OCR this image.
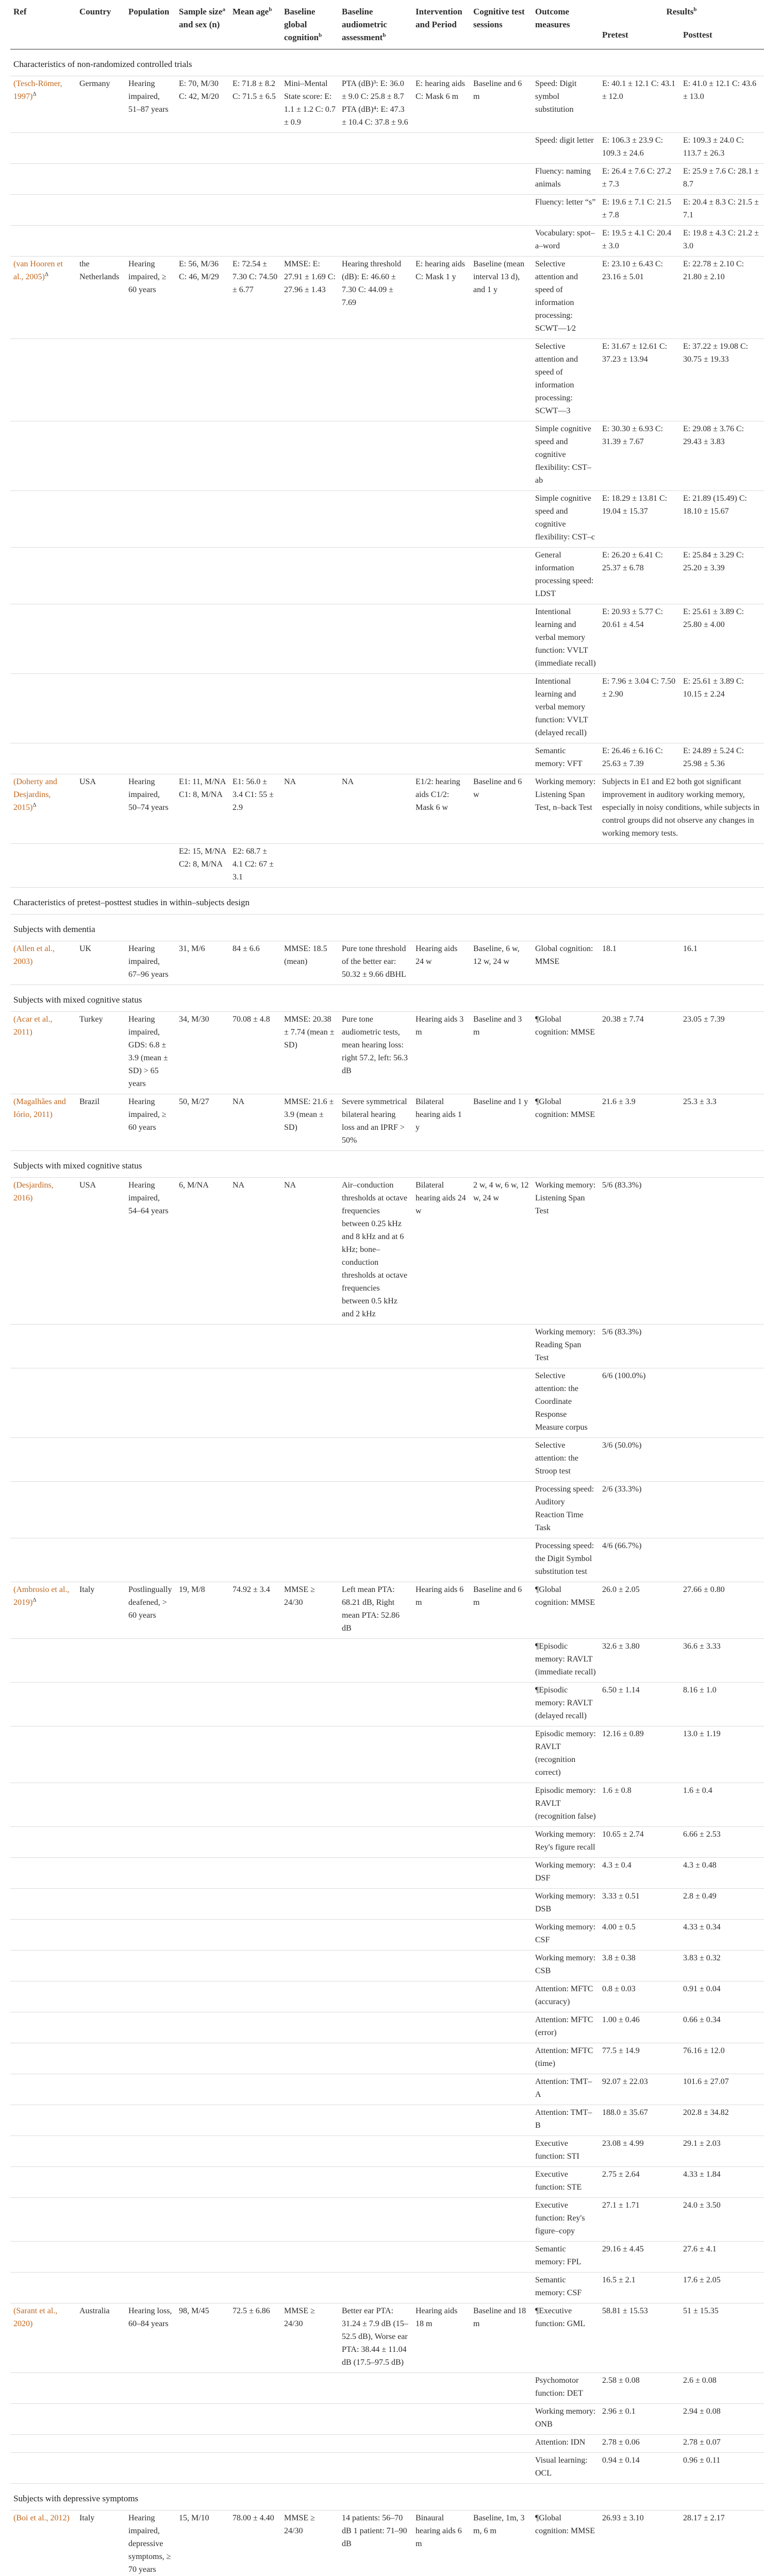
Ref	Country	Population	Sample size$^a$ and sex (n)	Mean age$^b$	Baseline global cognition$^b$	Baseline audiometric assessment$^b$	Intervention and Period	Cognitive test sessions	Outcome measures	Results$^b$
										Pretest	Posttest
Characteristics of non-randomized controlled trials											
(Tesch-Römer, 1997)$^\Delta$	Germany	Hearing impaired, 51–87 years	E: 70, M/30 C: 42, M/20	E: 71.8 ± 8.2 C: 71.5 ± 6.5	Mini–Mental State score: E: 1.1 ± 1.2 C: 0.7 ± 0.9	PTA (dB)³: E: 36.0 ± 9.0 C: 25.8 ± 8.7 PTA (dB)⁴: E: 47.3 ± 10.4 C: 37.8 ± 9.6	E: hearing aids C: Mask 6 m	Baseline and 6 m	Speed: Digit symbol substitution	E: 40.1 ± 12.1 C: 43.1 ± 12.0	E: 41.0 ± 12.1 C: 43.6 ± 13.0
									Speed: digit letter	E: 106.3 ± 23.9 C: 109.3 ± 24.6	E: 109.3 ± 24.0 C: 113.7 ± 26.3
									Fluency: naming animals	E: 26.4 ± 7.6 C: 27.2 ± 7.3	E: 25.9 ± 7.6 C: 28.1 ± 8.7
									Fluency: letter “s”	E: 19.6 ± 7.1 C: 21.5 ± 7.8	E: 20.4 ± 8.3 C: 21.5 ± 7.1
									Vocabulary: spot–a–word	E: 19.5 ± 4.1 C: 20.4 ± 3.0	E: 19.8 ± 4.3 C: 21.2 ± 3.0
(van Hooren et al., 2005)$^\Delta$	the Netherlands	Hearing impaired, ≥ 60 years	E: 56, M/36 C: 46, M/29	E: 72.54 ± 7.30 C: 74.50 ± 6.77	MMSE: E: 27.91 ± 1.69 C: 27.96 ± 1.43	Hearing threshold (dB): E: 46.60 ± 7.30 C: 44.09 ± 7.69	E: hearing aids C: Mask 1 y	Baseline (mean interval 13 d), and 1 y	Selective attention and speed of information processing: SCWT—1⁄2	E: 23.10 ± 6.43 C: 23.16 ± 5.01	E: 22.78 ± 2.10 C: 21.80 ± 2.10
									Selective attention and speed of information processing: SCWT—3	E: 31.67 ± 12.61 C: 37.23 ± 13.94	E: 37.22 ± 19.08 C: 30.75 ± 19.33
									Simple cognitive speed and cognitive flexibility: CST–ab	E: 30.30 ± 6.93 C: 31.39 ± 7.67	E: 29.08 ± 3.76 C: 29.43 ± 3.83
									Simple cognitive speed and cognitive flexibility: CST–c	E: 18.29 ± 13.81 C: 19.04 ± 15.37	E: 21.89 (15.49) C: 18.10 ± 15.67
									General information processing speed: LDST	E: 26.20 ± 6.41 C: 25.37 ± 6.78	E: 25.84 ± 3.29 C: 25.20 ± 3.39
									Intentional learning and verbal memory function: VVLT (immediate recall)	E: 20.93 ± 5.77 C: 20.61 ± 4.54	E: 25.61 ± 3.89 C: 25.80 ± 4.00
									Intentional learning and verbal memory function: VVLT (delayed recall)	E: 7.96 ± 3.04 C: 7.50 ± 2.90	E: 25.61 ± 3.89 C: 10.15 ± 2.24
									Semantic memory: VFT	E: 26.46 ± 6.16 C: 25.63 ± 7.39	E: 24.89 ± 5.24 C: 25.98 ± 5.36
(Doherty and Desjardins, 2015)$^\Delta$	USA	Hearing impaired, 50–74 years	E1: 11, M/NA C1: 8, M/NA	E1: 56.0 ± 3.4 C1: 55 ± 2.9	NA	NA	E1/2: hearing aids C1/2: Mask 6 w	Baseline and 6 w	Working memory: Listening Span Test, n–back Test	Subjects in E1 and E2 both got significant improvement in auditory working memory, especially in noisy conditions, while subjects in control groups did not observe any changes in working memory tests.	
			E2: 15, M/NA C2: 8, M/NA	E2: 68.7 ± 4.1 C2: 67 ± 3.1							
Characteristics of pretest–posttest studies in within–subjects design											
Subjects with dementia											
(Allen et al., 2003)	UK	Hearing impaired, 67–96 years	31, M/6	84 ± 6.6	MMSE: 18.5 (mean)	Pure tone threshold of the better ear: 50.32 ± 9.66 dBHL	Hearing aids 24 w	Baseline, 6 w, 12 w, 24 w	Global cognition: MMSE	18.1	16.1
Subjects with mixed cognitive status											
(Acar et al., 2011)	Turkey	Hearing impaired, GDS: 6.8 ± 3.9 (mean ± SD) > 65 years	34, M/30	70.08 ± 4.8	MMSE: 20.38 ± 7.74 (mean ± SD)	Pure tone audiometric tests, mean hearing loss: right 57.2, left: 56.3 dB	Hearing aids 3 m	Baseline and 3 m	¶Global cognition: MMSE	20.38 ± 7.74	23.05 ± 7.39
(Magalhães and Iório, 2011)	Brazil	Hearing impaired, ≥ 60 years	50, M/27	NA	MMSE: 21.6 ± 3.9 (mean ± SD)	Severe symmetrical bilateral hearing loss and an IPRF > 50%	Bilateral hearing aids 1 y	Baseline and 1 y	¶Global cognition: MMSE	21.6 ± 3.9	25.3 ± 3.3
Subjects with mixed cognitive status											
(Desjardins, 2016)	USA	Hearing impaired, 54–64 years	6, M/NA	NA	NA	Air–conduction thresholds at octave frequencies between 0.25 kHz and 8 kHz and at 6 kHz; bone–conduction thresholds at octave frequencies between 0.5 kHz and 2 kHz	Bilateral hearing aids 24 w	2 w, 4 w, 6 w, 12 w, 24 w	Working memory: Listening Span Test	5/6 (83.3%)	
									Working memory: Reading Span Test	5/6 (83.3%)	
									Selective attention: the Coordinate Response Measure corpus	6/6 (100.0%)	
									Selective attention: the Stroop test	3/6 (50.0%)	
									Processing speed: Auditory Reaction Time Task	2/6 (33.3%)	
									Processing speed: the Digit Symbol substitution test	4/6 (66.7%)	
(Ambrosio et al., 2019)$^\Delta$	Italy	Postlingually deafened, > 60 years	19, M/8	74.92 ± 3.4	MMSE ≥ 24/30	Left mean PTA: 68.21 dB, Right mean PTA: 52.86 dB	Hearing aids 6 m	Baseline and 6 m	¶Global cognition: MMSE	26.0 ± 2.05	27.66 ± 0.80
									¶Episodic memory: RAVLT (immediate recall)	32.6 ± 3.80	36.6 ± 3.33
									¶Episodic memory: RAVLT (delayed recall)	6.50 ± 1.14	8.16 ± 1.0
									Episodic memory: RAVLT (recognition correct)	12.16 ± 0.89	13.0 ± 1.19
									Episodic memory: RAVLT (recognition false)	1.6 ± 0.8	1.6 ± 0.4
									Working memory: Rey's figure recall	10.65 ± 2.74	6.66 ± 2.53
									Working memory: DSF	4.3 ± 0.4	4.3 ± 0.48
									Working memory: DSB	3.33 ± 0.51	2.8 ± 0.49
									Working memory: CSF	4.00 ± 0.5	4.33 ± 0.34
									Working memory: CSB	3.8 ± 0.38	3.83 ± 0.32
									Attention: MFTC (accuracy)	0.8 ± 0.03	0.91 ± 0.04
									Attention: MFTC (error)	1.00 ± 0.46	0.66 ± 0.34
									Attention: MFTC (time)	77.5 ± 14.9	76.16 ± 12.0
									Attention: TMT–A	92.07 ± 22.03	101.6 ± 27.07
									Attention: TMT–B	188.0 ± 35.67	202.8 ± 34.82
									Executive function: STI	23.08 ± 4.99	29.1 ± 2.03
									Executive function: STE	2.75 ± 2.64	4.33 ± 1.84
									Executive function: Rey's figure–copy	27.1 ± 1.71	24.0 ± 3.50
									Semantic memory: FPL	29.16 ± 4.45	27.6 ± 4.1
									Semantic memory: CSF	16.5 ± 2.1	17.6 ± 2.05
(Sarant et al., 2020)	Australia	Hearing loss, 60–84 years	98, M/45	72.5 ± 6.86	MMSE ≥ 24/30	Better ear PTA: 31.24 ± 7.9 dB (15–52.5 dB), Worse ear PTA: 38.44 ± 11.04 dB (17.5–97.5 dB)	Hearing aids 18 m	Baseline and 18 m	¶Executive function: GML	58.81 ± 15.53	51 ± 15.35
									Psychomotor function: DET	2.58 ± 0.08	2.6 ± 0.08
									Working memory: ONB	2.96 ± 0.1	2.94 ± 0.08
									Attention: IDN	2.78 ± 0.06	2.78 ± 0.07
									Visual learning: OCL	0.94 ± 0.14	0.96 ± 0.11
Subjects with depressive symptoms											
(Boi et al., 2012)	Italy	Hearing impaired, depressive symptoms, ≥ 70 years	15, M/10	78.00 ± 4.40	MMSE ≥ 24/30	14 patients: 56–70 dB 1 patient: 71–90 dB	Binaural hearing aids 6 m	Baseline, 1m, 3 m, 6 m	¶Global cognition: MMSE	26.93 ± 3.10	28.17 ± 2.17
